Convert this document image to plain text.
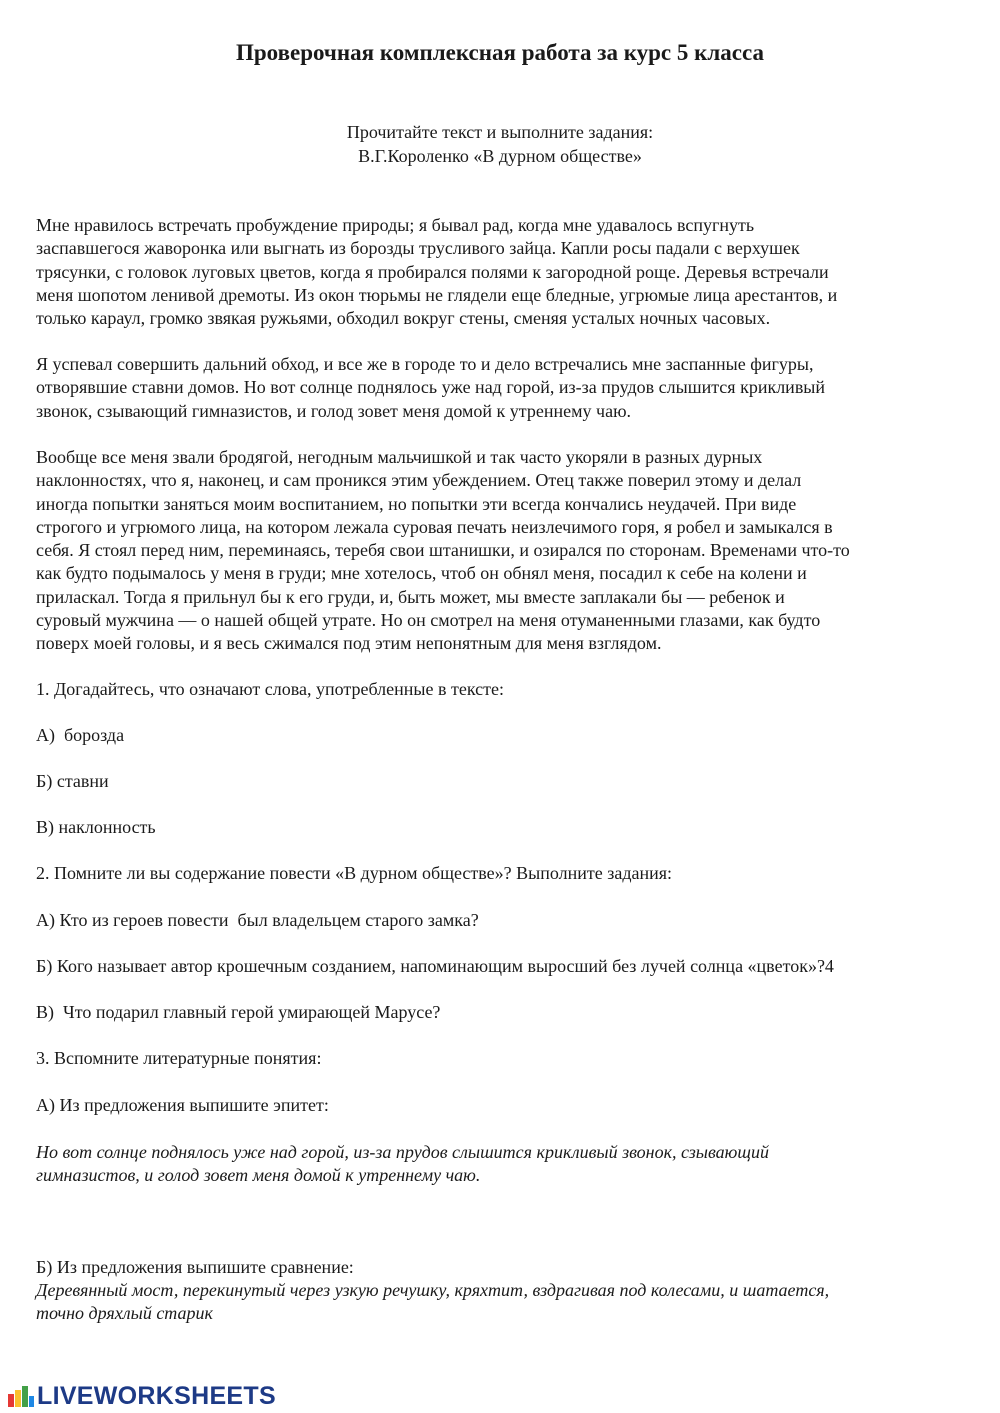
Проверочная комплексная работа за курс 5 класса
Прочитайте текст и выполните задания:
В.Г.Короленко «В дурном обществе»

Мне нравилось встречать пробуждение природы; я бывал рад, когда мне удавалось вспугнуть
заспавшегося жаворонка или выгнать из борозды трусливого зайца. Капли росы падали с верхушек
трясунки, с головок луговых цветов, когда я пробирался полями к загородной роще. Деревья встречали
меня шопотом ленивой дремоты. Из окон тюрьмы не глядели еще бледные, угрюмые лица арестантов, и
только караул, громко звякая ружьями, обходил вокруг стены, сменяя усталых ночных часовых.

Я успевал совершить дальний обход, и все же в городе то и дело встречались мне заспанные фигуры,
отворявшие ставни домов. Но вот солнце поднялось уже над горой, из-за прудов слышится крикливый
звонок, сзывающий гимназистов, и голод зовет меня домой к утреннему чаю.

Вообще все меня звали бродягой, негодным мальчишкой и так часто укоряли в разных дурных
наклонностях, что я, наконец, и сам проникся этим убеждением. Отец также поверил этому и делал
иногда попытки заняться моим воспитанием, но попытки эти всегда кончались неудачей. При виде
строгого и угрюмого лица, на котором лежала суровая печать неизлечимого горя, я робел и замыкался в
себя. Я стоял перед ним, переминаясь, теребя свои штанишки, и озирался по сторонам. Временами что-то
как будто подымалось у меня в груди; мне хотелось, чтоб он обнял меня, посадил к себе на колени и
приласкал. Тогда я прильнул бы к его груди, и, быть может, мы вместе заплакали бы — ребенок и
суровый мужчина — о нашей общей утрате. Но он смотрел на меня отуманенными глазами, как будто
поверх моей головы, и я весь сжимался под этим непонятным для меня взглядом.

1. Догадайтесь, что означают слова, употребленные в тексте:
А)  борозда
Б) ставни
В) наклонность
2. Помните ли вы содержание повести «В дурном обществе»? Выполните задания:
А) Кто из героев повести  был владельцем старого замка?
Б) Кого называет автор крошечным созданием, напоминающим выросший без лучей солнца «цветок»?4
В)  Что подарил главный герой умирающей Марусе?
3. Вспомните литературные понятия:
А) Из предложения выпишите эпитет:

Но вот солнце поднялось уже над горой, из-за прудов слышится крикливый звонок, сзывающий
гимназистов, и голод зовет меня домой к утреннему чаю.

Б) Из предложения выпишите сравнение:

Деревянный мост, перекинутый через узкую речушку, кряхтит, вздрагивая под колесами, и шатается,
точно дряхлый старик

LIVEWORKSHEETS
